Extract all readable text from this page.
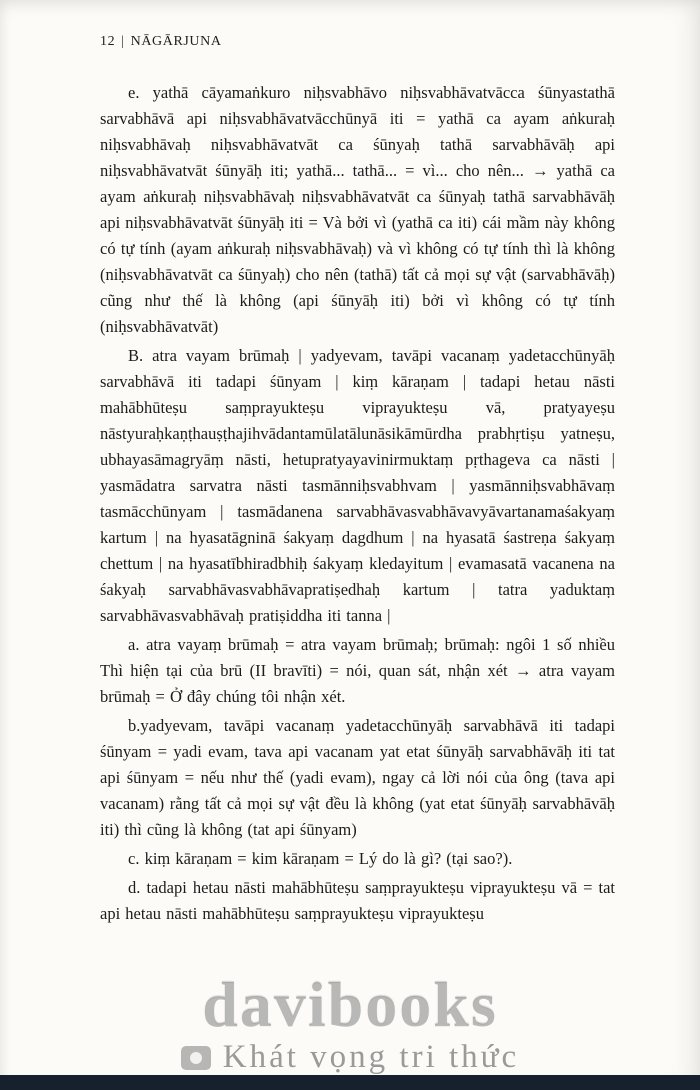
12 | NĀGĀRJUNA

e. yathā cāyamaṅkuro niḥsvabhāvo niḥsvabhāvatvācca śūnyastathā sarvabhāvā api niḥsvabhāvatvācchūnyā iti = yathā ca ayam aṅkuraḥ niḥsvabhāvaḥ niḥsvabhāvatvāt ca śūnyaḥ tathā sarvabhāvāḥ api niḥsvabhāvatvāt śūnyāḥ iti; yathā... tathā... = vì... cho nên... → yathā ca ayam aṅkuraḥ niḥsvabhāvaḥ niḥsvabhāvatvāt ca śūnyaḥ tathā sarvabhāvāḥ api niḥsvabhāvatvāt śūnyāḥ iti = Và bởi vì (yathā ca iti) cái mầm này không có tự tính (ayam aṅkuraḥ niḥsvabhāvaḥ) và vì không có tự tính thì là không (niḥsvabhāvatvāt ca śūnyaḥ) cho nên (tathā) tất cả mọi sự vật (sarvabhāvāḥ) cũng như thế là không (api śūnyāḥ iti) bởi vì không có tự tính (niḥsvabhāvatvāt)

B. atra vayam brūmaḥ | yadyevam, tavāpi vacanaṃ yadetacchūnyāḥ sarvabhāvā iti tadapi śūnyam | kiṃ kāraṇam | tadapi hetau nāsti mahābhūteṣu saṃprayukteṣu viprayukteṣu vā, pratyayeṣu nāstyuraḥkaṇṭhauṣṭhajihvādantamūlatālunāsikāmūrdha prabhṛtiṣu yatneṣu, ubhayasāmagryāṃ nāsti, hetupratyayavinirmuktaṃ pṛthageva ca nāsti | yasmādatra sarvatra nāsti tasmānniḥsvabhvam | yasmānniḥsvabhāvaṃ tasmācchūnyam | tasmādanena sarvabhāvasvabhāvavyāvartanamaśakyaṃ kartum | na hyasatāgninā śakyaṃ dagdhum | na hyasatā śastreṇa śakyaṃ chettum | na hyasatībhiradbhiḥ śakyaṃ kledayitum | evamasatā vacanena na śakyaḥ sarvabhāvasvabhāvapratiṣedhaḥ kartum | tatra yaduktaṃ sarvabhāvasvabhāvaḥ pratiṣiddha iti tanna |

a. atra vayaṃ brūmaḥ = atra vayam brūmaḥ; brūmaḥ: ngôi 1 số nhiều Thì hiện tại của brū (II bravīti) = nói, quan sát, nhận xét → atra vayam brūmaḥ = Ở đây chúng tôi nhận xét.

b.yadyevam, tavāpi vacanaṃ yadetacchūnyāḥ sarvabhāvā iti tadapi śūnyam = yadi evam, tava api vacanam yat etat śūnyāḥ sarvabhāvāḥ iti tat api śūnyam = nếu như thế (yadi evam), ngay cả lời nói của ông (tava api vacanam) rằng tất cả mọi sự vật đều là không (yat etat śūnyāḥ sarvabhāvāḥ iti) thì cũng là không (tat api śūnyam)

c. kiṃ kāraṇam = kim kāraṇam = Lý do là gì? (tại sao?).

d. tadapi hetau nāsti mahābhūteṣu saṃprayukteṣu viprayukteṣu vā = tat api hetau nāsti mahābhūteṣu saṃprayukteṣu viprayukteṣu

davibooks
Khát vọng tri thức
